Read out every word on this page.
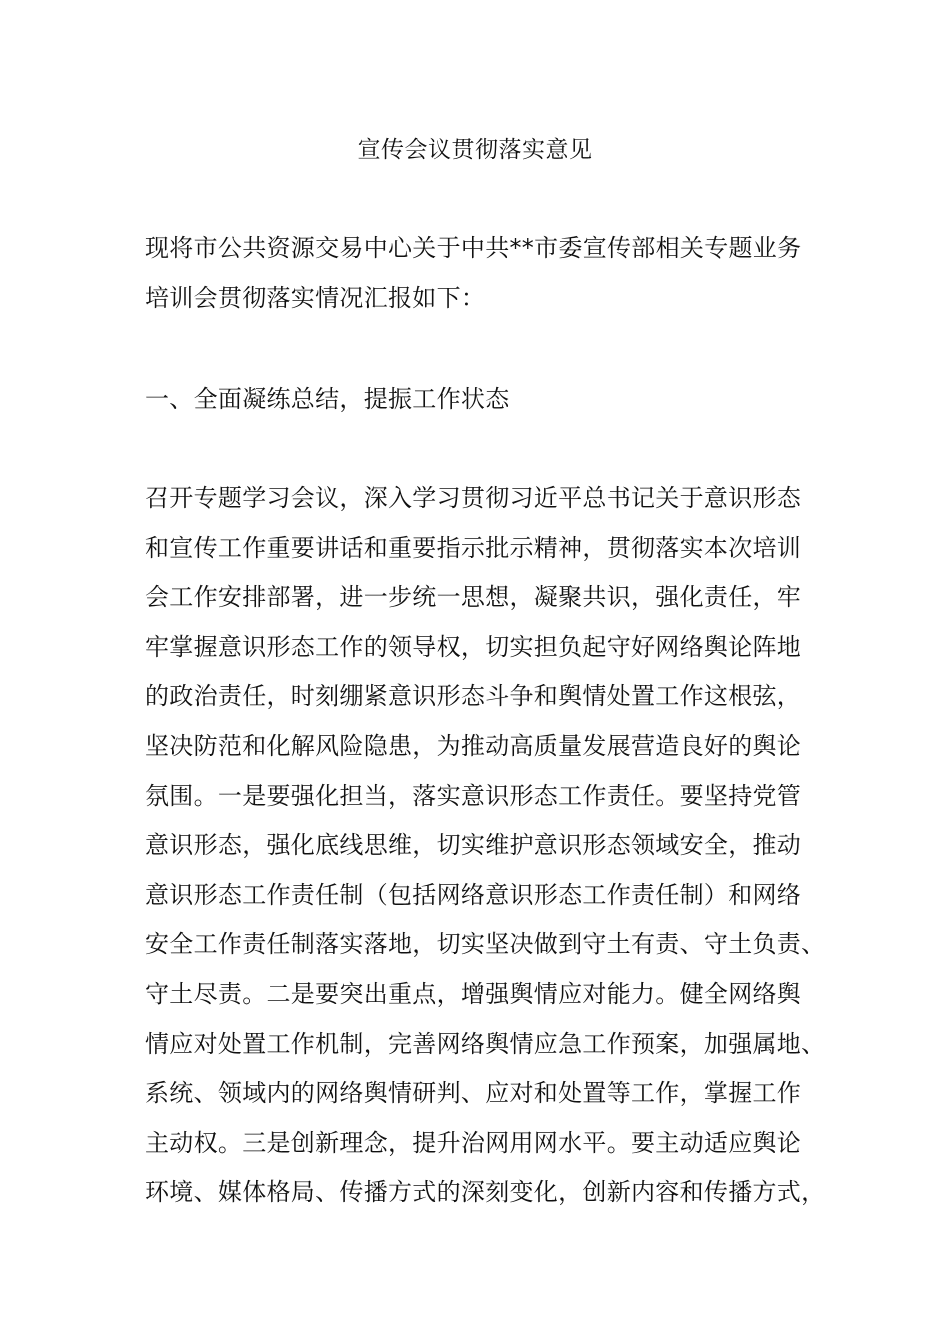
宣传会议贯彻落实意见
现将市公共资源交易中心关于中共**市委宣传部相关专题业务
培训会贯彻落实情况汇报如下：
一、全面凝练总结，提振工作状态
召开专题学习会议，深入学习贯彻习近平总书记关于意识形态
和宣传工作重要讲话和重要指示批示精神，贯彻落实本次培训
会工作安排部署，进一步统一思想，凝聚共识，强化责任，牢
牢掌握意识形态工作的领导权，切实担负起守好网络舆论阵地
的政治责任，时刻绷紧意识形态斗争和舆情处置工作这根弦，
坚决防范和化解风险隐患，为推动高质量发展营造良好的舆论
氛围。一是要强化担当，落实意识形态工作责任。要坚持党管
意识形态，强化底线思维，切实维护意识形态领域安全，推动
意识形态工作责任制（包括网络意识形态工作责任制）和网络
安全工作责任制落实落地，切实坚决做到守土有责、守土负责、
守土尽责。二是要突出重点，增强舆情应对能力。健全网络舆
情应对处置工作机制，完善网络舆情应急工作预案，加强属地、
系统、领域内的网络舆情研判、应对和处置等工作，掌握工作
主动权。三是创新理念，提升治网用网水平。要主动适应舆论
环境、媒体格局、传播方式的深刻变化，创新内容和传播方式，
